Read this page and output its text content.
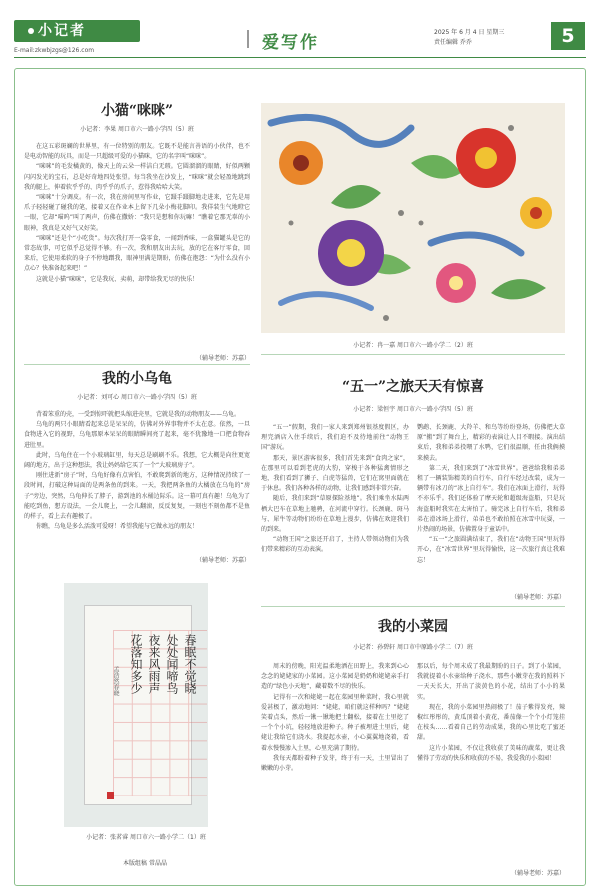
小记者
E-mail:zkwbjzgs@126.com	爱写作
2025 年 6 月 4 日 星期三
责任编辑 乔乔	5
小猫“咪咪”
小记者：李果 周口市六一路小学四（5）班

在这五彩斑斓的世界里，有一位特别的朋友。它既不是能言善语的小伙伴，也不是电动智能的玩具，而是一只超级可爱的小猫咪，它的名字叫“咪咪”。

“咪咪”的毛发橘黄的，像天上的云朵一样洁白无瑕。它圆溜溜的眼睛，好似两颗闪闪发光的宝石，总是好奇地四处张望。每当我坐在沙发上，“咪咪”就会轻盈地跳到我的腿上，伸着软乎乎的、肉乎乎的爪子，惹得我哈哈大笑。

“咪咪”十分调皮。有一次，我在房间里写作业，它蹑手蹑脚地走进来，它先是用爪子轻轻碰了碰我的笔，接着又在作业本上留下几朵小梅花脚印。我佯装生气地瞪它一眼，它却“喵呜”叫了两声，仿佛在撒娇：“我只是想和你玩嘛！”瞧着它那无辜的小眼神，我真是又好气又好笑。

“咪咪”还是个“小吃货”。每次我打开一袋零食，一闻到香味，一盒猫罐头是它的常态故事，可它似乎总觉得不够。有一次，我和朋友出去玩，放的它在客厅零食，回来后，它使用柔软的身子不停地蹭我，眼神里满是期盼，仿佛在抱怨：“为什么没有小点心？快准备起来吧！”

这就是小猫“咪咪”，它是我玩、卖萌，却带给我无尽的快乐！

（辅导老师：苏嘉）
我的小乌龟
小记者：刘可心 周口市六一路小学四（5）班

背着笨重的壳，一受到惊吓就把头缩进壳里，它就是我的动物朋友——乌龟。

乌龟的两只小眼睛看起来总是呆呆的，仿佛对外界事物并不太在意。依然，一旦食物进入它的视野，乌龟那原本呆呆的眼睛瞬间亮了起来，毫不犹豫地一口把食物吞进肚里。

此时，乌龟住在一个小玻璃缸里，每天总是刷刷不乐。我想，它大概是向往更宽阔的地方，出于这种想法，我让妈妈给它买了一个“大玻璃房子”。

刚住进新“房子”时，乌龟好像有点害怕，不敢爬到新的地方，这种情况持续了一段时间，打破这种局面的是两条鱼的到来。一天，我把两条鱼的大橘放在乌龟的“房子”旁边，突然，乌龟伸长了脖子，游到池的水桶边际乐。这一幕可真有趣！乌龟为了能吃到鱼，想方设法，一会儿爬上，一会儿翻滚，反反复复，一刻也不刻鱼都不是鱼的样子，看上去有趣极了。

你瞧，乌龟是多么活泼可爱呀！希望我能与它做永远的朋友！

（辅导老师：苏嘉）
春眠不觉晓
处处闻啼鸟
夜来风雨声
花落知多少
孟浩然春晓
小记者：张茗睿 周口市六一路小学二（1）班
本版组稿 常晶晶
小记者：冉一嘉 周口市六一路小学二（2）班
“五一”之旅天天有惊喜
小记者：梁恒宇 周口市六一路小学四（5）班

“五一”假期，我们一家人来到郑州银基度假区，办理完酒店入住手续后，我们迫不及待地前往“动物王国”游玩。

那天，景区游客很多，我们首先来到“食肉之家”，在那里可以看到老虎的大豹，穿梭于各种猛禽情形之地，我们看到了狮子、白虎等猛兽，它们在窝里面就在于休息。我们各种各样的动物，让我们感到非常兴奋。

随后，我们来到“草原探险基地”。我们乘坐水陆两栖大巴车在草地上驰骋，在河流中穿行。长颈鹿、斑马与、犀牛等动物们纷纷在草地上漫步，仿佛在欢迎我们的到来。

“动物王国”之旅还开启了，主持人带领动物们为我们带来精彩的互动表演。

鹦鹉、长颈鹿、大羚羊、和鸟等纷纷登场，仿佛把大草原“搬”到了舞台上，精彩的表演让人目不暇接。演出结束后，我和弟弟投喂了水鸭，它们很温顺，任由我俩摸来摸去。

第二天，我们来到了“冰雪世界”。爸爸给我和弟弟租了一辆装饰精美的自行车，自行车经过改装，成为一辆带有冰刀的“冰上自行车”。我们在冰面上滑行，玩得不亦乐乎。我们还体验了摩天轮和超级海盗船，只是玩海盗船时我实在太害怕了。骑完冰上自行车后，我和弟弟在滑冰场上滑行，弟弟也不敢拍照在冰雪中玩耍，一片热闹的场景，仿佛置身于童话中。

“五一”之旅圆满结束了，我们在“动物王国”里玩得开心，在“冰雪世界”里玩得愉快，这一次旅行真让我难忘！

（辅导老师：苏嘉）
我的小菜园
小记者：孙碧轩 周口市中原路小学二（7）班

周末的傍晚，阳光温柔地洒在田野上，我来到心心念念的姥姥家的小菜园。这小菜园是奶奶和姥姥亲手打造的“绿色小天地”，藏着数不尽的快乐。

记得有一次和姥姥一起在菜园里种菜时，我心里就爱甚极了，激动地问：“姥姥，咱们就这样种吗？”姥姥笑着点头，然后一锹一锹地把土翻松，接着在土里挖了一个个小坑，轻轻地放进种子。种子被埋进土里后，姥姥让我给它们浇水。我提起水壶，小心翼翼地浇着，看着水慢慢渗入土里，心里充满了期待。

我每天都盼着种子发芽，终于有一天，土里冒出了嫩嫩的小芽。

那以后，每个周末成了我最期盼的日子。到了小菜园，我就提着小水壶给种子浇水，那些小嫩芽在我的照料下一天天长大，开出了淡黄色的小花，结出了小小的果实。

现在，我的小菜园里热闹极了！茄子紫得发亮，辣椒红彤彤的，黄瓜顶着小黄花，番茄像一个个小灯笼挂在枝头……看着自己的劳动成果，我的心里比吃了蜜还甜。

这片小菜园，不仅让我收获了美味的蔬菜，更让我懂得了劳动的快乐和收获的不易，我爱我的小菜园！

（辅导老师：苏嘉）
